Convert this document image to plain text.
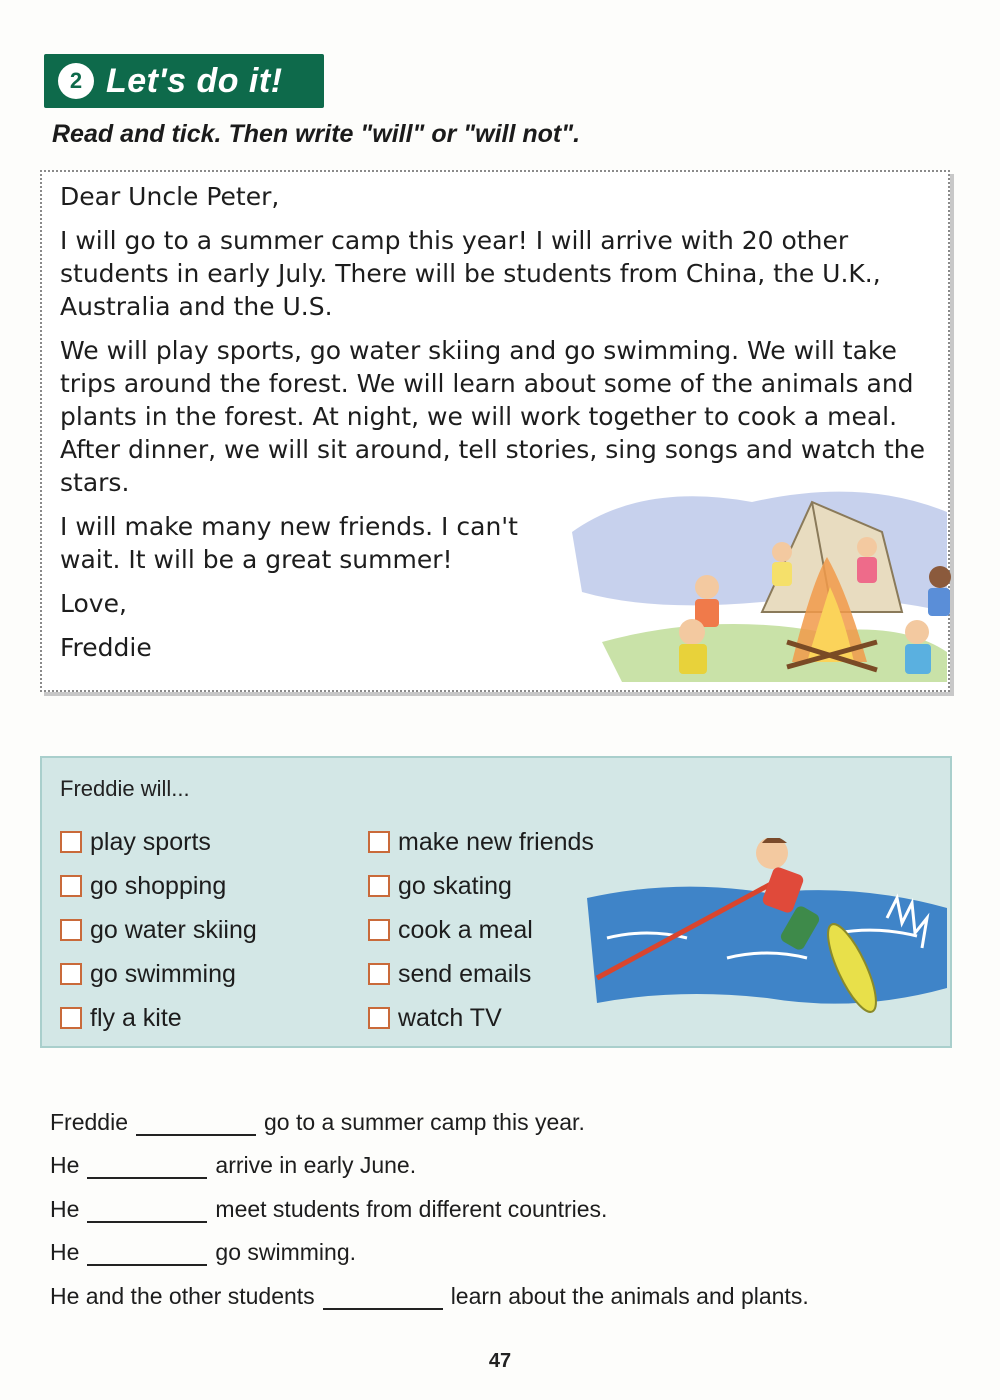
2 Let's do it!
Read and tick. Then write "will" or "will not".

Dear Uncle Peter,

I will go to a summer camp this year! I will arrive with 20 other students in early July. There will be students from China, the U.K., Australia and the U.S.

We will play sports, go water skiing and go swimming. We will take trips around the forest. We will learn about some of the animals and plants in the forest. At night, we will work together to cook a meal. After dinner, we will sit around, tell stories, sing songs and watch the stars.

I will make many new friends. I can't wait. It will be a great summer!

Love,

Freddie

Freddie will...
play sports
go shopping
go water skiing
go swimming
fly a kite
make new friends
go skating
cook a meal
send emails
watch TV
Freddie	go to a summer camp this year.
He	arrive in early June.
He	meet students from different countries.
He	go swimming.
He and the other students	learn about the animals and plants.
47
